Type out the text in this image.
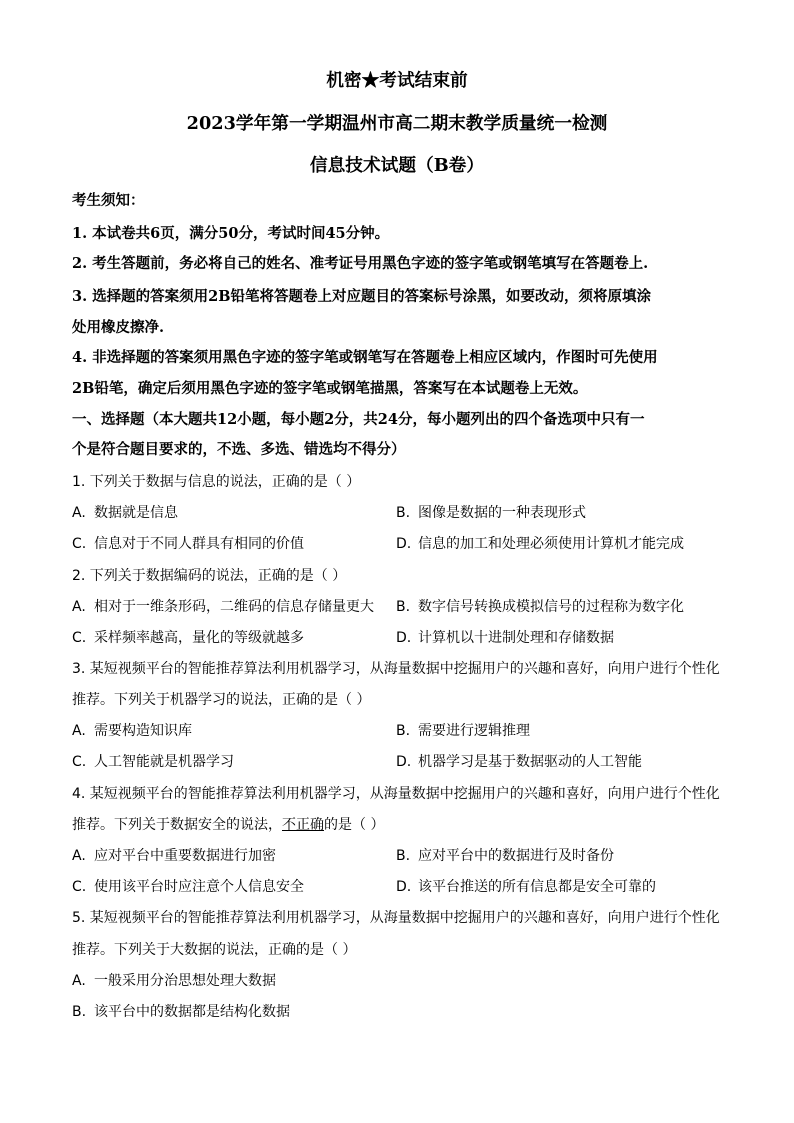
机密★考试结束前
2023学年第一学期温州市高二期末教学质量统一检测
信息技术试题（B卷）
考生须知：
1. 本试卷共6页，满分50分，考试时间45分钟。
2. 考生答题前，务必将自己的姓名、准考证号用黑色字迹的签字笔或钢笔填写在答题卷上.
3. 选择题的答案须用2B铅笔将答题卷上对应题目的答案标号涂黑，如要改动，须将原填涂
处用橡皮擦净.
4. 非选择题的答案须用黑色字迹的签字笔或钢笔写在答题卷上相应区域内，作图时可先使用
2B铅笔，确定后须用黑色字迹的签字笔或钢笔描黑，答案写在本试题卷上无效。
一、选择题（本大题共12小题，每小题2分，共24分，每小题列出的四个备选项中只有一
个是符合题目要求的，不选、多选、错选均不得分）
1. 下列关于数据与信息的说法，正确的是（ ）
A. 数据就是信息	B. 图像是数据的一种表现形式
C. 信息对于不同人群具有相同的价值	D. 信息的加工和处理必须使用计算机才能完成
2. 下列关于数据编码的说法，正确的是（ ）
A. 相对于一维条形码，二维码的信息存储量更大 B. 数字信号转换成模拟信号的过程称为数字化
C. 采样频率越高，量化的等级就越多	D. 计算机以十进制处理和存储数据
3. 某短视频平台的智能推荐算法利用机器学习，从海量数据中挖掘用户的兴趣和喜好，向用户进行个性化
推荐。下列关于机器学习的说法，正确的是（ ）
A. 需要构造知识库	B. 需要进行逻辑推理
C. 人工智能就是机器学习	D. 机器学习是基于数据驱动的人工智能
4. 某短视频平台的智能推荐算法利用机器学习，从海量数据中挖掘用户的兴趣和喜好，向用户进行个性化
推荐。下列关于数据安全的说法，不正确的是（ ）
A. 应对平台中重要数据进行加密	B. 应对平台中的数据进行及时备份
C. 使用该平台时应注意个人信息安全	D. 该平台推送的所有信息都是安全可靠的
5. 某短视频平台的智能推荐算法利用机器学习，从海量数据中挖掘用户的兴趣和喜好，向用户进行个性化
推荐。下列关于大数据的说法，正确的是（ ）
A. 一般采用分治思想处理大数据
B. 该平台中的数据都是结构化数据
